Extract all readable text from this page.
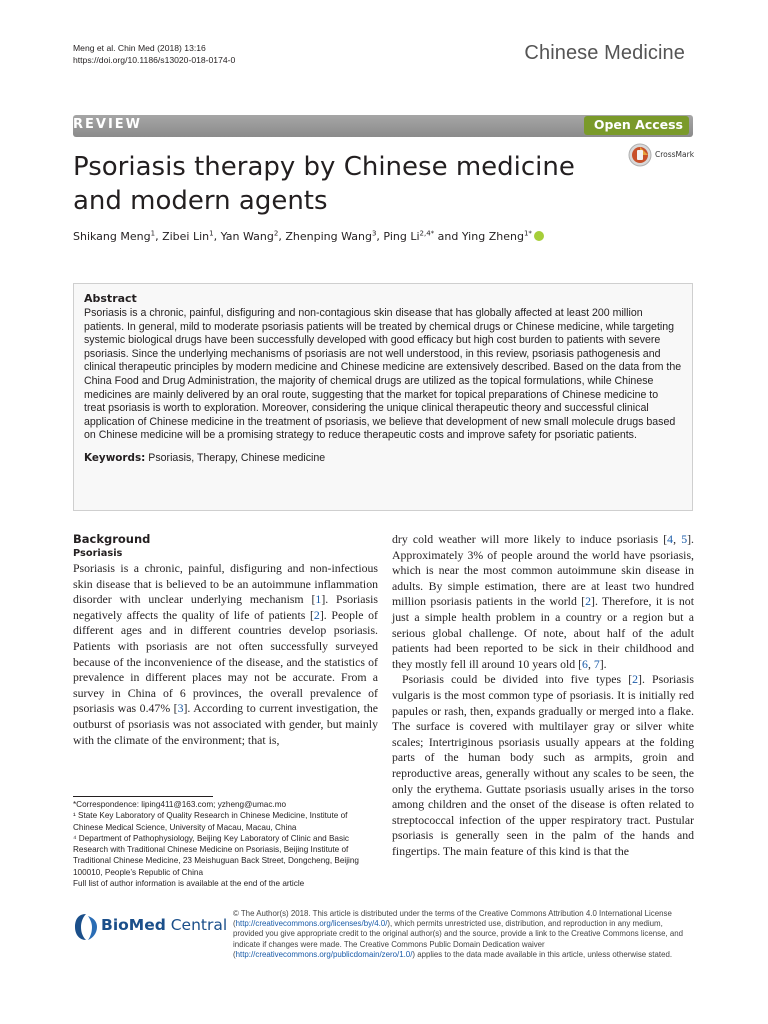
Meng et al. Chin Med (2018) 13:16
https://doi.org/10.1186/s13020-018-0174-0	Chinese Medicine
REVIEW	Open Access
CrossMark
Psoriasis therapy by Chinese medicine and modern agents
Shikang Meng$^1$, Zibei Lin$^1$, Yan Wang$^2$, Zhenping Wang$^3$, Ping $Li^{2,4*}$ and Ying Zheng$^{1*}$
Abstract

Psoriasis is a chronic, painful, disfiguring and non-contagious skin disease that has globally affected at least 200 million patients. In general, mild to moderate psoriasis patients will be treated by chemical drugs or Chinese medicine, while targeting systemic biological drugs have been successfully developed with good efficacy but high cost burden to patients with severe psoriasis. Since the underlying mechanisms of psoriasis are not well understood, in this review, psoriasis pathogenesis and clinical therapeutic principles by modern medicine and Chinese medicine are extensively described. Based on the data from the China Food and Drug Administration, the majority of chemical drugs are utilized as the topical formulations, while Chinese medicines are mainly delivered by an oral route, suggesting that the market for topical preparations of Chinese medicine to treat psoriasis is worth to exploration. Moreover, considering the unique clinical therapeutic theory and successful clinical application of Chinese medicine in the treatment of psoriasis, we believe that development of new small molecule drugs based on Chinese medicine will be a promising strategy to reduce therapeutic costs and improve safety for psoriatic patients.

Keywords: Psoriasis, Therapy, Chinese medicine
Background
Psoriasis

Psoriasis is a chronic, painful, disfiguring and non-infectious skin disease that is believed to be an autoimmune inflammation disorder with unclear underlying mechanism [1]. Psoriasis negatively affects the quality of life of patients [2]. People of different ages and in different countries develop psoriasis. Patients with psoriasis are not often successfully surveyed because of the inconvenience of the disease, and the statistics of prevalence in different places may not be accurate. From a survey in China of 6 provinces, the overall prevalence of psoriasis was 0.47% [3]. According to current investigation, the outburst of psoriasis was not associated with gender, but mainly with the climate of the environment; that is,

dry cold weather will more likely to induce psoriasis [4, 5]. Approximately 3% of people around the world have psoriasis, which is near the most common autoimmune skin disease in adults. By simple estimation, there are at least two hundred million psoriasis patients in the world [2]. Therefore, it is not just a simple health problem in a country or a region but a serious global challenge. Of note, about half of the adult patients had been reported to be sick in their childhood and they mostly fell ill around 10 years old [6, 7].

Psoriasis could be divided into five types [2]. Psoriasis vulgaris is the most common type of psoriasis. It is initially red papules or rash, then, expands gradually or merged into a flake. The surface is covered with multilayer gray or silver white scales; Intertriginous psoriasis usually appears at the folding parts of the human body such as armpits, groin and reproductive areas, generally without any scales to be seen, the only the erythema. Guttate psoriasis usually arises in the torso among children and the onset of the disease is often related to streptococcal infection of the upper respiratory tract. Pustular psoriasis is generally seen in the palm of the hands and fingertips. The main feature of this kind is that the

*Correspondence: liping411@163.com; yzheng@umac.mo
¹ State Key Laboratory of Quality Research in Chinese Medicine, Institute of Chinese Medical Science, University of Macau, Macau, China
⁴ Department of Pathophysiology, Beijing Key Laboratory of Clinic and Basic Research with Traditional Chinese Medicine on Psoriasis, Beijing Institute of Traditional Chinese Medicine, 23 Meishuguan Back Street, Dongcheng, Beijing 100010, People’s Republic of China
Full list of author information is available at the end of the article
BioMed Central
© The Author(s) 2018. This article is distributed under the terms of the Creative Commons Attribution 4.0 International License (http://creativecommons.org/licenses/by/4.0/), which permits unrestricted use, distribution, and reproduction in any medium, provided you give appropriate credit to the original author(s) and the source, provide a link to the Creative Commons license, and indicate if changes were made. The Creative Commons Public Domain Dedication waiver (http://creativecommons.org/publicdomain/zero/1.0/) applies to the data made available in this article, unless otherwise stated.
